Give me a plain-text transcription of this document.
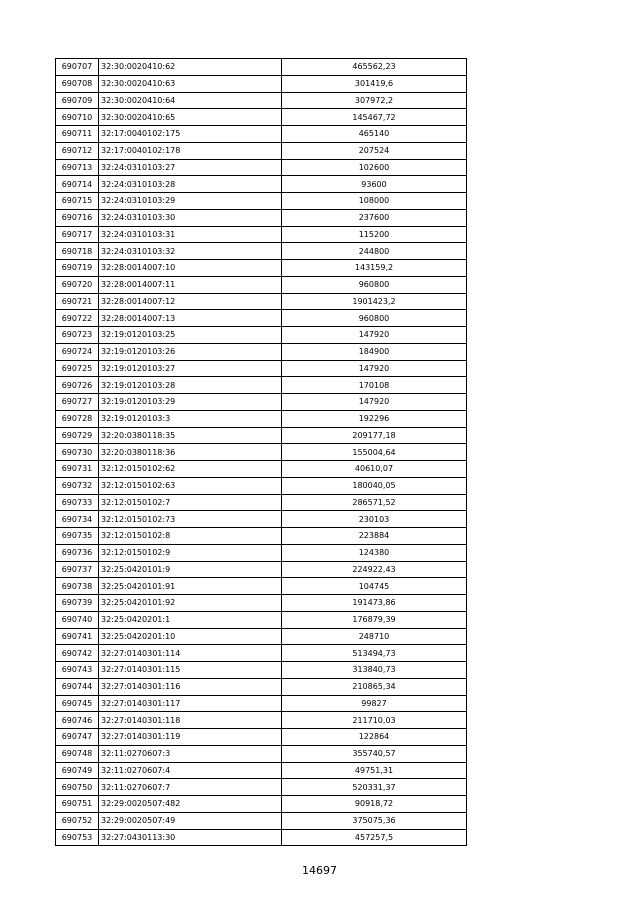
690707	32:30:0020410:62	465562,23
690708	32:30:0020410:63	301419,6
690709	32:30:0020410:64	307972,2
690710	32:30:0020410:65	145467,72
690711	32:17:0040102:175	465140
690712	32:17:0040102:178	207524
690713	32:24:0310103:27	102600
690714	32:24:0310103:28	93600
690715	32:24:0310103:29	108000
690716	32:24:0310103:30	237600
690717	32:24:0310103:31	115200
690718	32:24:0310103:32	244800
690719	32:28:0014007:10	143159,2
690720	32:28:0014007:11	960800
690721	32:28:0014007:12	1901423,2
690722	32:28:0014007:13	960800
690723	32:19:0120103:25	147920
690724	32:19:0120103:26	184900
690725	32:19:0120103:27	147920
690726	32:19:0120103:28	170108
690727	32:19:0120103:29	147920
690728	32:19:0120103:3	192296
690729	32:20:0380118:35	209177,18
690730	32:20:0380118:36	155004,64
690731	32:12:0150102:62	40610,07
690732	32:12:0150102:63	180040,05
690733	32:12:0150102:7	286571,52
690734	32:12:0150102:73	230103
690735	32:12:0150102:8	223884
690736	32:12:0150102:9	124380
690737	32:25:0420101:9	224922,43
690738	32:25:0420101:91	104745
690739	32:25:0420101:92	191473,86
690740	32:25:0420201:1	176879,39
690741	32:25:0420201:10	248710
690742	32:27:0140301:114	513494,73
690743	32:27:0140301:115	313840,73
690744	32:27:0140301:116	210865,34
690745	32:27:0140301:117	99827
690746	32:27:0140301:118	211710,03
690747	32:27:0140301:119	122864
690748	32:11:0270607:3	355740,57
690749	32:11:0270607:4	49751,31
690750	32:11:0270607:7	520331,37
690751	32:29:0020507:482	90918,72
690752	32:29:0020507:49	375075,36
690753	32:27:0430113:30	457257,5
14697
